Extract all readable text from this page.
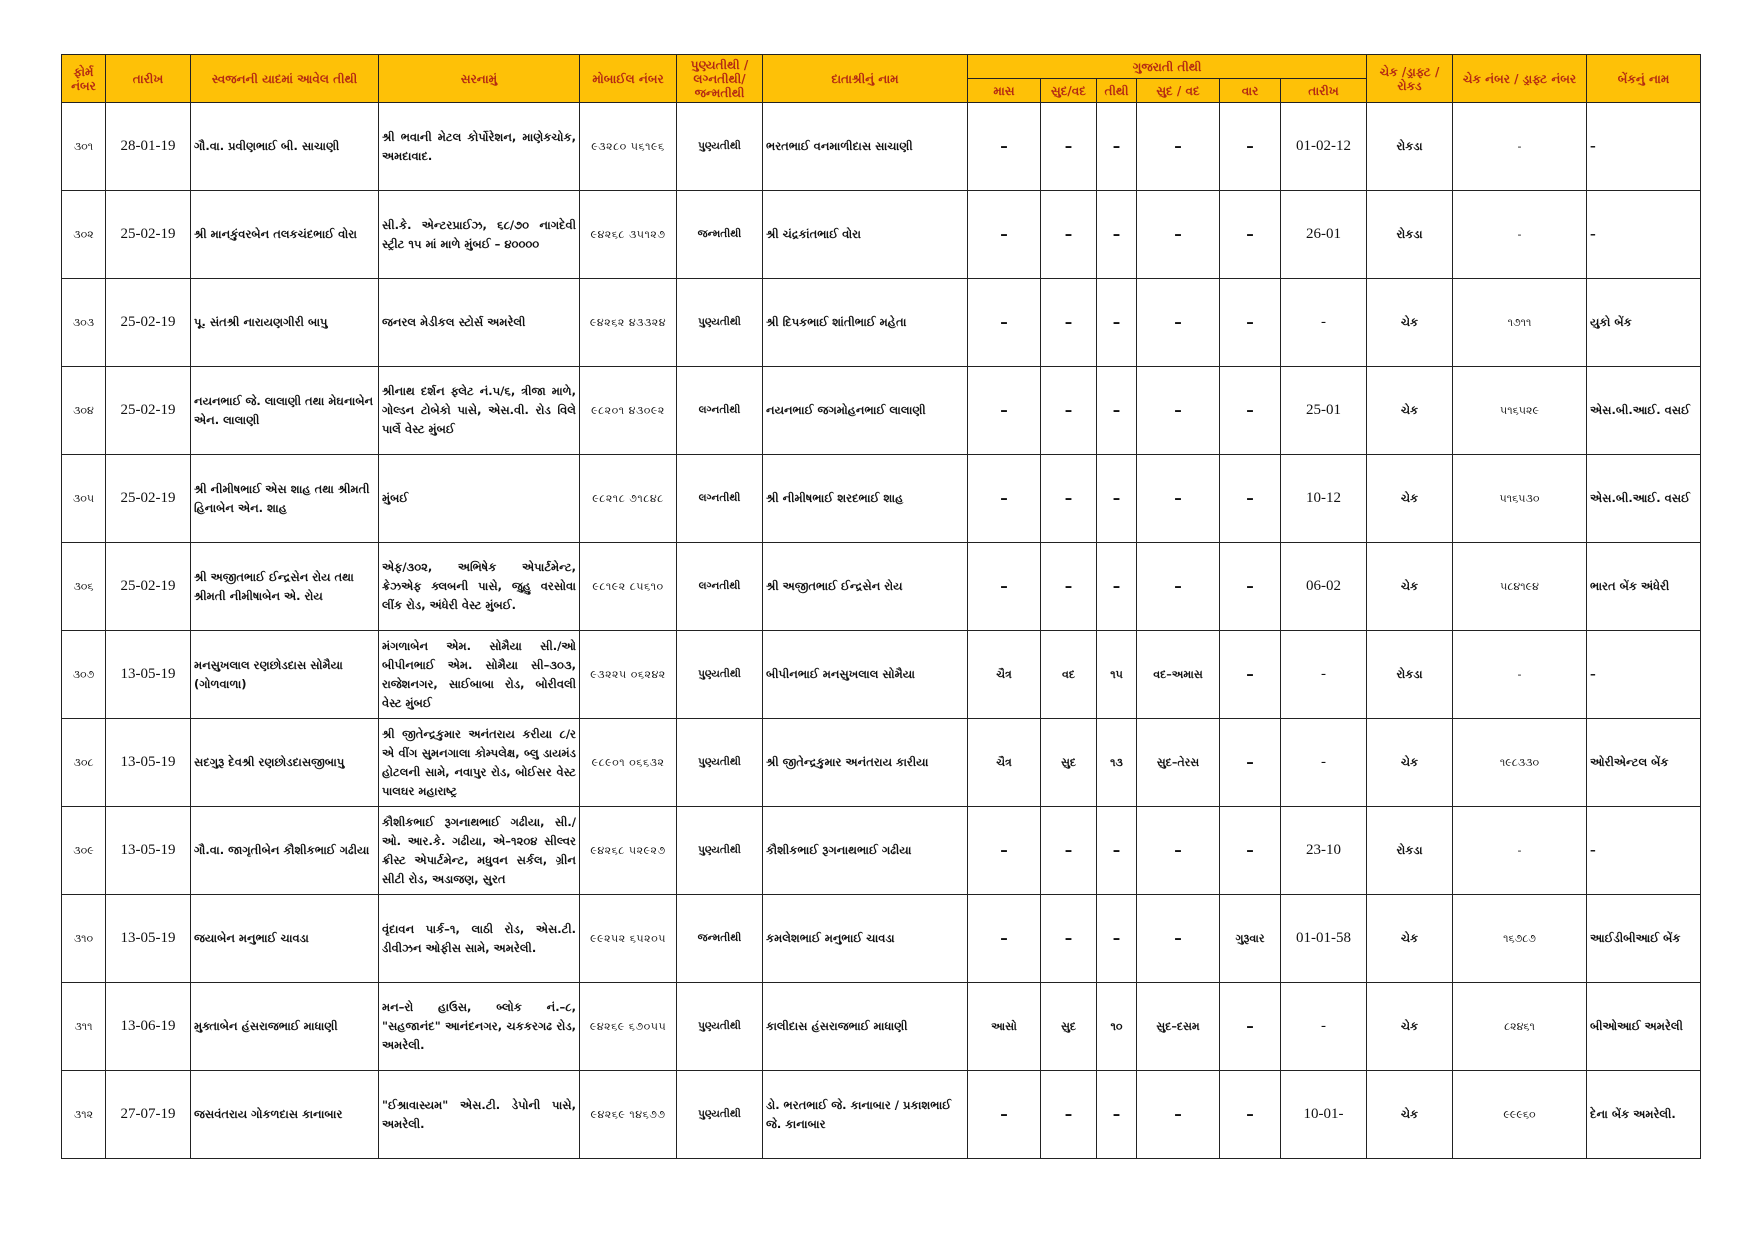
ફોર્મ નંબર	તારીખ	સ્વજનની યાદમાં આવેલ તીથી	સરનામું	મોબાઈલ નંબર	પુણ્યતીથી / લગ્નતીથી/ જન્મતીથી	દાતાશ્રીનું નામ	ગુજરાતી તીથી						ચેક /ડ્રાફ્ટ / રોકડ	ચેક નંબર / ડ્રાફ્ટ નંબર	બેંકનું નામ
							માસ	સુદ/વદ	તીથી	સુદ / વદ	વાર	તારીખ			
૩૦૧	28-01-19	ગૌ.વા. પ્રવીણભાઈ બી. સાચાણી	શ્રી ભવાની મેટલ કોર્પોરેશન, માણેકચોક, અમદાવાદ.	૯૩૨૮૦ ૫૬૧૯૬	પુણ્યતીથી	ભરતભાઈ વનમાળીદાસ સાચાણી	–	–	–	–	–	01-02-12	રોકડા	-	–
૩૦૨	25-02-19	શ્રી માનકુંવરબેન તલકચંદભાઈ વોરા	સી.કે. એન્ટરપ્રાઈઝ, ૬૮/૭૦ નાગદેવી સ્ટ્રીટ ૧૫ માં માળે મુંબઈ – ૪૦૦૦૦	૯૪૨૬૮ ૩૫૧૨૭	જન્મતીથી	શ્રી ચંદ્રકાંતભાઈ વોરા	–	–	–	–	–	26-01	રોકડા	-	–
૩૦૩	25-02-19	પૂ. સંતશ્રી નારાયણગીરી બાપુ	જનરલ મેડીકલ સ્ટોર્સ અમરેલી	૯૪૨૬૨ ૪૩૩૨૪	પુણ્યતીથી	શ્રી દિપકભાઈ શાંતીભાઈ મહેતા	–	–	–	–	–	-	ચેક	૧૭૧૧	યુકો બેંક
૩૦૪	25-02-19	નયનભાઈ જે. લાલાણી તથા મેઘનાબેન એન. લાલાણી	શ્રીનાથ દર્શન ફ્લેટ નં.૫/૬, ત્રીજા માળે, ગોલ્ડન ટોબેકો પાસે, એસ.વી. રોડ વિલે પાર્લે વેસ્ટ મુંબઈ	૯૮૨૦૧ ૪૩૦૯૨	લગ્નતીથી	નયનભાઈ જગમોહનભાઈ લાલાણી	–	–	–	–	–	25-01	ચેક	૫૧૬૫૨૯	એસ.બી.આઈ. વસઈ
૩૦૫	25-02-19	શ્રી નીમીષભાઈ એસ શાહ તથા શ્રીમતી હિનાબેન એન. શાહ	મુંબઈ	૯૮૨૧૮ ૭૧૮૪૮	લગ્નતીથી	શ્રી નીમીષભાઈ શરદભાઈ શાહ	–	–	–	–	–	10-12	ચેક	૫૧૬૫૩૦	એસ.બી.આઈ. વસઈ
૩૦૬	25-02-19	શ્રી અજીતભાઈ ઈન્દ્રસેન રોય તથા શ્રીમતી નીમીષાબેન એ. રોય	એફ/૩૦૨, અભિષેક એપાર્ટમેન્ટ, ક્રેઝએફ ક્લબની પાસે, જુહુ વરસોવા લીંક રોડ, અંધેરી વેસ્ટ મુંબઈ.	૯૮૧૯૨ ૮૫૬૧૦	લગ્નતીથી	શ્રી અજીતભાઈ ઈન્દ્રસેન રોય	–	–	–	–	–	06-02	ચેક	૫૮૪૧૯૪	ભારત બેંક અંધેરી
૩૦૭	13-05-19	મનસુખલાલ રણછોડદાસ સોમૈયા (ગોળવાળા)	મંગળાબેન એમ. સોમૈયા સી./ઓ બીપીનભાઈ એમ. સોમૈયા સી–૩૦૩, રાજેશનગર, સાઈબાબા રોડ, બોરીવલી વેસ્ટ મુંબઈ	૯૩૨૨૫ ૦૬૨૪૨	પુણ્યતીથી	બીપીનભાઈ મનસુખલાલ સોમૈયા	ચૈત્ર	વદ	૧૫	વદ–અમાસ	–	-	રોકડા	-	–
૩૦૮	13-05-19	સદગુરૂ દેવશ્રી રણછોડદાસજીબાપુ	શ્રી જીતેન્દ્રકુમાર અનંતરાય કરીયા ૮/ર એ વીંગ સુમનગાલા કોમ્પલેક્ષ, બ્લુ ડાયમંડ હોટલની સામે, નવાપુર રોડ, બોઈસર વેસ્ટ પાલઘર મહારાષ્ટ્ર	૯૮૯૦૧ ૦૬૬૩૨	પુણ્યતીથી	શ્રી જીતેન્દ્રકુમાર અનંતરાય કારીયા	ચૈત્ર	સુદ	૧૩	સુદ–તેરસ	–	-	ચેક	૧૯૮૩૩૦	ઓરીએન્ટલ બેંક
૩૦૯	13-05-19	ગૌ.વા. જાગૃતીબેન કૌશીકભાઈ ગઢીયા	કૌશીકભાઈ રૂગનાથભાઈ ગઢીયા, સી./ઓ. આર.કે. ગઢીયા, એ–૧૨૦૪ સીલ્વર ક્રીસ્ટ એપાર્ટમેન્ટ, મધુવન સર્કલ, ગ્રીન સીટી રોડ, અડાજણ, સુરત	૯૪૨૬૮ ૫૨૯૨૭	પુણ્યતીથી	કૌશીકભાઈ રૂગનાથભાઈ ગઢીયા	–	–	–	–	–	23-10	રોકડા	-	–
૩૧૦	13-05-19	જયાબેન મનુભાઈ ચાવડા	વૃંદાવન પાર્ક–૧, લાઠી રોડ, એસ.ટી. ડીવીઝન ઓફીસ સામે, અમરેલી.	૯૯૨૫૨ ૬૫૨૦૫	જન્મતીથી	કમલેશભાઈ મનુભાઈ ચાવડા	–	–	–	–	ગુરૂવાર	01-01-58	ચેક	૧૬૭૮૭	આઈડીબીઆઈ બેંક
૩૧૧	13-06-19	મુક્તાબેન હંસરાજભાઈ માધાણી	મન–રો હાઉસ, બ્લોક નં.–૮, "સહજાનંદ" આનંદનગર, ચકકરગઢ રોડ, અમરેલી.	૯૪૨૬૯ ૬૭૦૫૫	પુણ્યતીથી	કાલીદાસ હંસરાજભાઈ માધાણી	આસો	સુદ	૧૦	સુદ–દસમ	–	-	ચેક	૮૨૪૬૧	બીઓઆઈ અમરેલી
૩૧૨	27-07-19	જસવંતરાય ગોકળદાસ કાનાબાર	"ઈશ્રાવાસ્યમ" એસ.ટી. ડેપોની પાસે, અમરેલી.	૯૪૨૬૯ ૧૪૬૭૭	પુણ્યતીથી	ડો. ભરતભાઈ જે. કાનાબાર / પ્રકાશભાઈ જે. કાનાબાર	–	–	–	–	–	10-01-	ચેક	૯૯૯૬૦	દેના બેંક અમરેલી.
